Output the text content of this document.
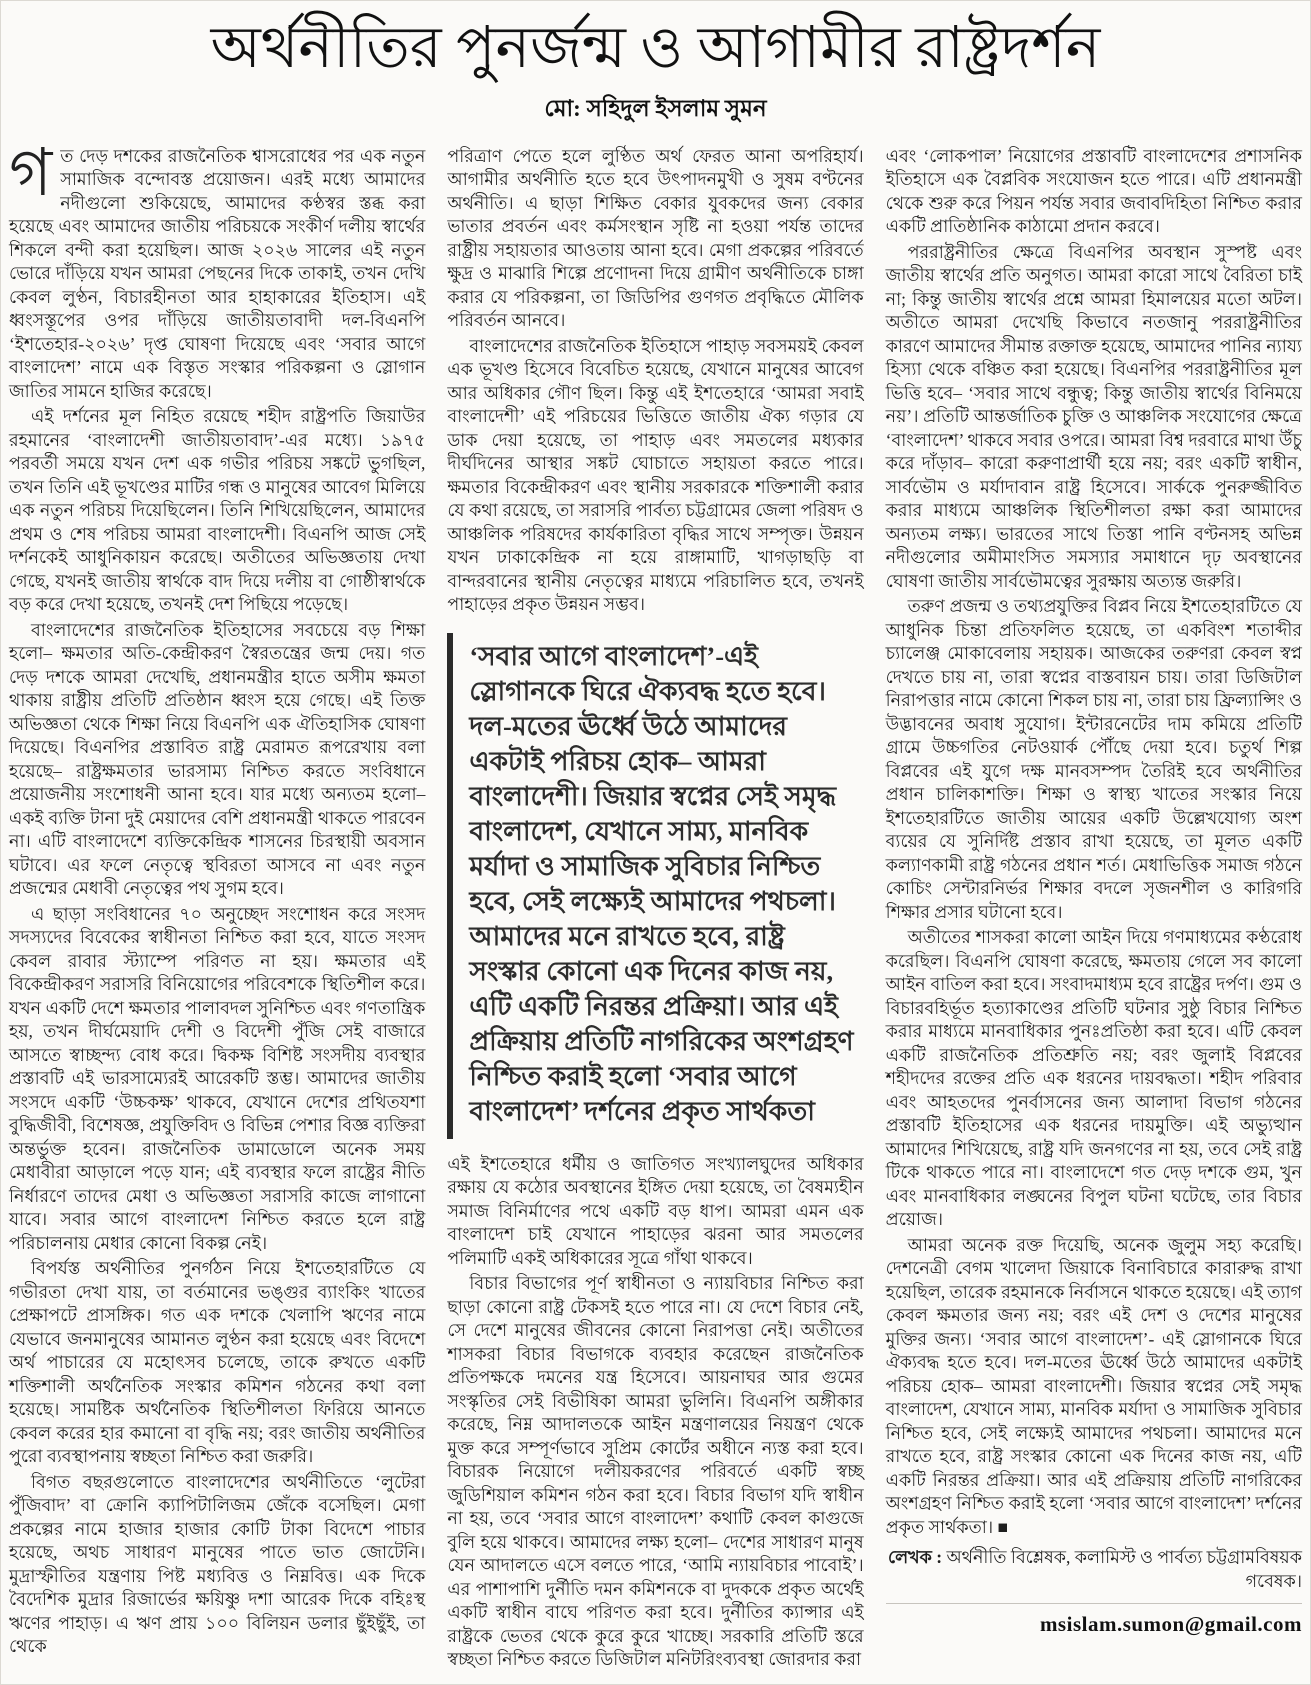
অর্থনীতির পুনর্জন্ম ও আগামীর রাষ্ট্রদর্শন
মো: সহিদুল ইসলাম সুমন

গত দেড় দশকের রাজনৈতিক শ্বাসরোধের পর এক নতুন সামাজিক বন্দোবস্ত প্রয়োজন। এরই মধ্যে আমাদের নদীগুলো শুকিয়েছে, আমাদের কণ্ঠস্বর স্তব্ধ করা হয়েছে এবং আমাদের জাতীয় পরিচয়কে সংকীর্ণ দলীয় স্বার্থের শিকলে বন্দী করা হয়েছিল। আজ ২০২৬ সালের এই নতুন ভোরে দাঁড়িয়ে যখন আমরা পেছনের দিকে তাকাই, তখন দেখি কেবল লুণ্ঠন, বিচারহীনতা আর হাহাকারের ইতিহাস। এই ধ্বংসস্তূপের ওপর দাঁড়িয়ে জাতীয়তাবাদী দল-বিএনপি ‘ইশতেহার-২০২৬’ দৃপ্ত ঘোষণা দিয়েছে এবং ‘সবার আগে বাংলাদেশ’ নামে এক বিস্তৃত সংস্কার পরিকল্পনা ও স্লোগান জাতির সামনে হাজির করেছে।

এই দর্শনের মূল নিহিত রয়েছে শহীদ রাষ্ট্রপতি জিয়াউর রহমানের ‘বাংলাদেশী জাতীয়তাবাদ’-এর মধ্যে। ১৯৭৫ পরবর্তী সময়ে যখন দেশ এক গভীর পরিচয় সঙ্কটে ভুগছিল, তখন তিনি এই ভূখণ্ডের মাটির গন্ধ ও মানুষের আবেগ মিলিয়ে এক নতুন পরিচয় দিয়েছিলেন। তিনি শিখিয়েছিলেন, আমাদের প্রথম ও শেষ পরিচয় আমরা বাংলাদেশী। বিএনপি আজ সেই দর্শনকেই আধুনিকায়ন করেছে। অতীতের অভিজ্ঞতায় দেখা গেছে, যখনই জাতীয় স্বার্থকে বাদ দিয়ে দলীয় বা গোষ্ঠীস্বার্থকে বড় করে দেখা হয়েছে, তখনই দেশ পিছিয়ে পড়েছে।

বাংলাদেশের রাজনৈতিক ইতিহাসের সবচেয়ে বড় শিক্ষা হলো– ক্ষমতার অতি-কেন্দ্রীকরণ স্বৈরতন্ত্রের জন্ম দেয়। গত দেড় দশকে আমরা দেখেছি, প্রধানমন্ত্রীর হাতে অসীম ক্ষমতা থাকায় রাষ্ট্রীয় প্রতিটি প্রতিষ্ঠান ধ্বংস হয়ে গেছে। এই তিক্ত অভিজ্ঞতা থেকে শিক্ষা নিয়ে বিএনপি এক ঐতিহাসিক ঘোষণা দিয়েছে। বিএনপির প্রস্তাবিত রাষ্ট্র মেরামত রূপরেখায় বলা হয়েছে– রাষ্ট্রক্ষমতার ভারসাম্য নিশ্চিত করতে সংবিধানে প্রয়োজনীয় সংশোধনী আনা হবে। যার মধ্যে অন্যতম হলো– একই ব্যক্তি টানা দুই মেয়াদের বেশি প্রধানমন্ত্রী থাকতে পারবেন না। এটি বাংলাদেশে ব্যক্তিকেন্দ্রিক শাসনের চিরস্থায়ী অবসান ঘটাবে। এর ফলে নেতৃত্বে স্থবিরতা আসবে না এবং নতুন প্রজন্মের মেধাবী নেতৃত্বের পথ সুগম হবে।

এ ছাড়া সংবিধানের ৭০ অনুচ্ছেদ সংশোধন করে সংসদ সদস্যদের বিবেকের স্বাধীনতা নিশ্চিত করা হবে, যাতে সংসদ কেবল রাবার স্ট্যাম্পে পরিণত না হয়। ক্ষমতার এই বিকেন্দ্রীকরণ সরাসরি বিনিয়োগের পরিবেশকে স্থিতিশীল করে। যখন একটি দেশে ক্ষমতার পালাবদল সুনিশ্চিত এবং গণতান্ত্রিক হয়, তখন দীর্ঘমেয়াদি দেশী ও বিদেশী পুঁজি সেই বাজারে আসতে স্বাচ্ছন্দ্য বোধ করে। দ্বিকক্ষ বিশিষ্ট সংসদীয় ব্যবস্থার প্রস্তাবটি এই ভারসাম্যেরই আরেকটি স্তম্ভ। আমাদের জাতীয় সংসদে একটি ‘উচ্চকক্ষ’ থাকবে, যেখানে দেশের প্রথিতযশা বুদ্ধিজীবী, বিশেষজ্ঞ, প্রযুক্তিবিদ ও বিভিন্ন পেশার বিজ্ঞ ব্যক্তিরা অন্তর্ভুক্ত হবেন। রাজনৈতিক ডামাডোলে অনেক সময় মেধাবীরা আড়ালে পড়ে যান; এই ব্যবস্থার ফলে রাষ্ট্রের নীতি নির্ধারণে তাদের মেধা ও অভিজ্ঞতা সরাসরি কাজে লাগানো যাবে। সবার আগে বাংলাদেশ নিশ্চিত করতে হলে রাষ্ট্র পরিচালনায় মেধার কোনো বিকল্প নেই।

বিপর্যস্ত অর্থনীতির পুনর্গঠন নিয়ে ইশতেহারটিতে যে গভীরতা দেখা যায়, তা বর্তমানের ভঙ্গুর ব্যাংকিং খাতের প্রেক্ষাপটে প্রাসঙ্গিক। গত এক দশকে খেলাপি ঋণের নামে যেভাবে জনমানুষের আমানত লুণ্ঠন করা হয়েছে এবং বিদেশে অর্থ পাচারের যে মহোৎসব চলেছে, তাকে রুখতে একটি শক্তিশালী অর্থনৈতিক সংস্কার কমিশন গঠনের কথা বলা হয়েছে। সামষ্টিক অর্থনৈতিক স্থিতিশীলতা ফিরিয়ে আনতে কেবল করের হার কমানো বা বৃদ্ধি নয়; বরং জাতীয় অর্থনীতির পুরো ব্যবস্থাপনায় স্বচ্ছতা নিশ্চিত করা জরুরি।

বিগত বছরগুলোতে বাংলাদেশের অর্থনীতিতে ‘লুটেরা পুঁজিবাদ’ বা ক্রোনি ক্যাপিটালিজম জেঁকে বসেছিল। মেগা প্রকল্পের নামে হাজার হাজার কোটি টাকা বিদেশে পাচার হয়েছে, অথচ সাধারণ মানুষের পাতে ভাত জোটেনি। মুদ্রাস্ফীতির যন্ত্রণায় পিষ্ট মধ্যবিত্ত ও নিম্নবিত্ত। এক দিকে বৈদেশিক মুদ্রার রিজার্ভের ক্ষয়িষ্ণু দশা আরেক দিকে বহিঃস্থ ঋণের পাহাড়। এ ঋণ প্রায় ১০০ বিলিয়ন ডলার ছুঁইছুঁই, তা থেকে

পরিত্রাণ পেতে হলে লুণ্ঠিত অর্থ ফেরত আনা অপরিহার্য। আগামীর অর্থনীতি হতে হবে উৎপাদনমুখী ও সুষম বণ্টনের অর্থনীতি। এ ছাড়া শিক্ষিত বেকার যুবকদের জন্য বেকার ভাতার প্রবর্তন এবং কর্মসংস্থান সৃষ্টি না হওয়া পর্যন্ত তাদের রাষ্ট্রীয় সহায়তার আওতায় আনা হবে। মেগা প্রকল্পের পরিবর্তে ক্ষুদ্র ও মাঝারি শিল্পে প্রণোদনা দিয়ে গ্রামীণ অর্থনীতিকে চাঙ্গা করার যে পরিকল্পনা, তা জিডিপির গুণগত প্রবৃদ্ধিতে মৌলিক পরিবর্তন আনবে।

বাংলাদেশের রাজনৈতিক ইতিহাসে পাহাড় সবসময়ই কেবল এক ভূখণ্ড হিসেবে বিবেচিত হয়েছে, যেখানে মানুষের আবেগ আর অধিকার গৌণ ছিল। কিন্তু এই ইশতেহারে ‘আমরা সবাই বাংলাদেশী’ এই পরিচয়ের ভিত্তিতে জাতীয় ঐক্য গড়ার যে ডাক দেয়া হয়েছে, তা পাহাড় এবং সমতলের মধ্যকার দীর্ঘদিনের আস্থার সঙ্কট ঘোচাতে সহায়তা করতে পারে। ক্ষমতার বিকেন্দ্রীকরণ এবং স্থানীয় সরকারকে শক্তিশালী করার যে কথা রয়েছে, তা সরাসরি পার্বত্য চট্টগ্রামের জেলা পরিষদ ও আঞ্চলিক পরিষদের কার্যকারিতা বৃদ্ধির সাথে সম্পৃক্ত। উন্নয়ন যখন ঢাকাকেন্দ্রিক না হয়ে রাঙ্গামাটি, খাগড়াছড়ি বা বান্দরবানের স্থানীয় নেতৃত্বের মাধ্যমে পরিচালিত হবে, তখনই পাহাড়ের প্রকৃত উন্নয়ন সম্ভব।

‘সবার আগে বাংলাদেশ’-এই স্লোগানকে ঘিরে ঐক্যবদ্ধ হতে হবে। দল-মতের ঊর্ধ্বে উঠে আমাদের একটাই পরিচয় হোক– আমরা বাংলাদেশী। জিয়ার স্বপ্নের সেই সমৃদ্ধ বাংলাদেশ, যেখানে সাম্য, মানবিক মর্যাদা ও সামাজিক সুবিচার নিশ্চিত হবে, সেই লক্ষ্যেই আমাদের পথচলা। আমাদের মনে রাখতে হবে, রাষ্ট্র সংস্কার কোনো এক দিনের কাজ নয়, এটি একটি নিরন্তর প্রক্রিয়া। আর এই প্রক্রিয়ায় প্রতিটি নাগরিকের অংশগ্রহণ নিশ্চিত করাই হলো ‘সবার আগে বাংলাদেশ’ দর্শনের প্রকৃত সার্থকতা

এই ইশতেহারে ধর্মীয় ও জাতিগত সংখ্যালঘুদের অধিকার রক্ষায় যে কঠোর অবস্থানের ইঙ্গিত দেয়া হয়েছে, তা বৈষম্যহীন সমাজ বিনির্মাণের পথে একটি বড় ধাপ। আমরা এমন এক বাংলাদেশ চাই যেখানে পাহাড়ের ঝরনা আর সমতলের পলিমাটি একই অধিকারের সূত্রে গাঁথা থাকবে।

বিচার বিভাগের পূর্ণ স্বাধীনতা ও ন্যায়বিচার নিশ্চিত করা ছাড়া কোনো রাষ্ট্র টেকসই হতে পারে না। যে দেশে বিচার নেই, সে দেশে মানুষের জীবনের কোনো নিরাপত্তা নেই। অতীতের শাসকরা বিচার বিভাগকে ব্যবহার করেছেন রাজনৈতিক প্রতিপক্ষকে দমনের যন্ত্র হিসেবে। আয়নাঘর আর গুমের সংস্কৃতির সেই বিভীষিকা আমরা ভুলিনি। বিএনপি অঙ্গীকার করেছে, নিম্ন আদালতকে আইন মন্ত্রণালয়ের নিয়ন্ত্রণ থেকে মুক্ত করে সম্পূর্ণভাবে সুপ্রিম কোর্টের অধীনে ন্যস্ত করা হবে। বিচারক নিয়োগে দলীয়করণের পরিবর্তে একটি স্বচ্ছ জুডিশিয়াল কমিশন গঠন করা হবে। বিচার বিভাগ যদি স্বাধীন না হয়, তবে ‘সবার আগে বাংলাদেশ’ কথাটি কেবল কাগুজে বুলি হয়ে থাকবে। আমাদের লক্ষ্য হলো– দেশের সাধারণ মানুষ যেন আদালতে এসে বলতে পারে, ‘আমি ন্যায়বিচার পাবোই’। এর পাশাপাশি দুর্নীতি দমন কমিশনকে বা দুদককে প্রকৃত অর্থেই একটি স্বাধীন বাঘে পরিণত করা হবে। দুর্নীতির ক্যান্সার এই রাষ্ট্রকে ভেতর থেকে কুরে কুরে খাচ্ছে। সরকারি প্রতিটি স্তরে স্বচ্ছতা নিশ্চিত করতে ডিজিটাল মনিটরিংব্যবস্থা জোরদার করা

এবং ‘লোকপাল’ নিয়োগের প্রস্তাবটি বাংলাদেশের প্রশাসনিক ইতিহাসে এক বৈপ্লবিক সংযোজন হতে পারে। এটি প্রধানমন্ত্রী থেকে শুরু করে পিয়ন পর্যন্ত সবার জবাবদিহিতা নিশ্চিত করার একটি প্রাতিষ্ঠানিক কাঠামো প্রদান করবে।

পররাষ্ট্রনীতির ক্ষেত্রে বিএনপির অবস্থান সুস্পষ্ট এবং জাতীয় স্বার্থের প্রতি অনুগত। আমরা কারো সাথে বৈরিতা চাই না; কিন্তু জাতীয় স্বার্থের প্রশ্নে আমরা হিমালয়ের মতো অটল। অতীতে আমরা দেখেছি কিভাবে নতজানু পররাষ্ট্রনীতির কারণে আমাদের সীমান্ত রক্তাক্ত হয়েছে, আমাদের পানির ন্যায্য হিস্যা থেকে বঞ্চিত করা হয়েছে। বিএনপির পররাষ্ট্রনীতির মূল ভিত্তি হবে– ‘সবার সাথে বন্ধুত্ব; কিন্তু জাতীয় স্বার্থের বিনিময়ে নয়’। প্রতিটি আন্তর্জাতিক চুক্তি ও আঞ্চলিক সংযোগের ক্ষেত্রে ‘বাংলাদেশ’ থাকবে সবার ওপরে। আমরা বিশ্ব দরবারে মাথা উঁচু করে দাঁড়াব– কারো করুণাপ্রার্থী হয়ে নয়; বরং একটি স্বাধীন, সার্বভৌম ও মর্যাদাবান রাষ্ট্র হিসেবে। সার্ককে পুনরুজ্জীবিত করার মাধ্যমে আঞ্চলিক স্থিতিশীলতা রক্ষা করা আমাদের অন্যতম লক্ষ্য। ভারতের সাথে তিস্তা পানি বণ্টনসহ অভিন্ন নদীগুলোর অমীমাংসিত সমস্যার সমাধানে দৃঢ় অবস্থানের ঘোষণা জাতীয় সার্বভৌমত্বের সুরক্ষায় অত্যন্ত জরুরি।

তরুণ প্রজন্ম ও তথ্যপ্রযুক্তির বিপ্লব নিয়ে ইশতেহারটিতে যে আধুনিক চিন্তা প্রতিফলিত হয়েছে, তা একবিংশ শতাব্দীর চ্যালেঞ্জ মোকাবেলায় সহায়ক। আজকের তরুণরা কেবল স্বপ্ন দেখতে চায় না, তারা স্বপ্নের বাস্তবায়ন চায়। তারা ডিজিটাল নিরাপত্তার নামে কোনো শিকল চায় না, তারা চায় ফ্রিল্যান্সিং ও উদ্ভাবনের অবাধ সুযোগ। ইন্টারনেটের দাম কমিয়ে প্রতিটি গ্রামে উচ্চগতির নেটওয়ার্ক পৌঁছে দেয়া হবে। চতুর্থ শিল্প বিপ্লবের এই যুগে দক্ষ মানবসম্পদ তৈরিই হবে অর্থনীতির প্রধান চালিকাশক্তি। শিক্ষা ও স্বাস্থ্য খাতের সংস্কার নিয়ে ইশতেহারটিতে জাতীয় আয়ের একটি উল্লেখযোগ্য অংশ ব্যয়ের যে সুনির্দিষ্ট প্রস্তাব রাখা হয়েছে, তা মূলত একটি কল্যাণকামী রাষ্ট্র গঠনের প্রধান শর্ত। মেধাভিত্তিক সমাজ গঠনে কোচিং সেন্টারনির্ভর শিক্ষার বদলে সৃজনশীল ও কারিগরি শিক্ষার প্রসার ঘটানো হবে।

অতীতের শাসকরা কালো আইন দিয়ে গণমাধ্যমের কণ্ঠরোধ করেছিল। বিএনপি ঘোষণা করেছে, ক্ষমতায় গেলে সব কালো আইন বাতিল করা হবে। সংবাদমাধ্যম হবে রাষ্ট্রের দর্পণ। গুম ও বিচারবহির্ভূত হত্যাকাণ্ডের প্রতিটি ঘটনার সুষ্ঠু বিচার নিশ্চিত করার মাধ্যমে মানবাধিকার পুনঃপ্রতিষ্ঠা করা হবে। এটি কেবল একটি রাজনৈতিক প্রতিশ্রুতি নয়; বরং জুলাই বিপ্লবের শহীদদের রক্তের প্রতি এক ধরনের দায়বদ্ধতা। শহীদ পরিবার এবং আহতদের পুনর্বাসনের জন্য আলাদা বিভাগ গঠনের প্রস্তাবটি ইতিহাসের এক ধরনের দায়মুক্তি। এই অভ্যুত্থান আমাদের শিখিয়েছে, রাষ্ট্র যদি জনগণের না হয়, তবে সেই রাষ্ট্র টিকে থাকতে পারে না। বাংলাদেশে গত দেড় দশকে গুম, খুন এবং মানবাধিকার লঙ্ঘনের বিপুল ঘটনা ঘটেছে, তার বিচার প্রয়োজ।

আমরা অনেক রক্ত দিয়েছি, অনেক জুলুম সহ্য করেছি। দেশনেত্রী বেগম খালেদা জিয়াকে বিনাবিচারে কারারুদ্ধ রাখা হয়েছিল, তারেক রহমানকে নির্বাসনে থাকতে হয়েছে। এই ত্যাগ কেবল ক্ষমতার জন্য নয়; বরং এই দেশ ও দেশের মানুষের মুক্তির জন্য। ‘সবার আগে বাংলাদেশ’- এই স্লোগানকে ঘিরে ঐক্যবদ্ধ হতে হবে। দল-মতের ঊর্ধ্বে উঠে আমাদের একটাই পরিচয় হোক– আমরা বাংলাদেশী। জিয়ার স্বপ্নের সেই সমৃদ্ধ বাংলাদেশ, যেখানে সাম্য, মানবিক মর্যাদা ও সামাজিক সুবিচার নিশ্চিত হবে, সেই লক্ষ্যেই আমাদের পথচলা। আমাদের মনে রাখতে হবে, রাষ্ট্র সংস্কার কোনো এক দিনের কাজ নয়, এটি একটি নিরন্তর প্রক্রিয়া। আর এই প্রক্রিয়ায় প্রতিটি নাগরিকের অংশগ্রহণ নিশ্চিত করাই হলো ‘সবার আগে বাংলাদেশ’ দর্শনের প্রকৃত সার্থকতা। ■

লেখক : অর্থনীতি বিশ্লেষক, কলামিস্ট ও পার্বত্য চট্টগ্রামবিষয়ক গবেষক।
msislam.sumon@gmail.com
